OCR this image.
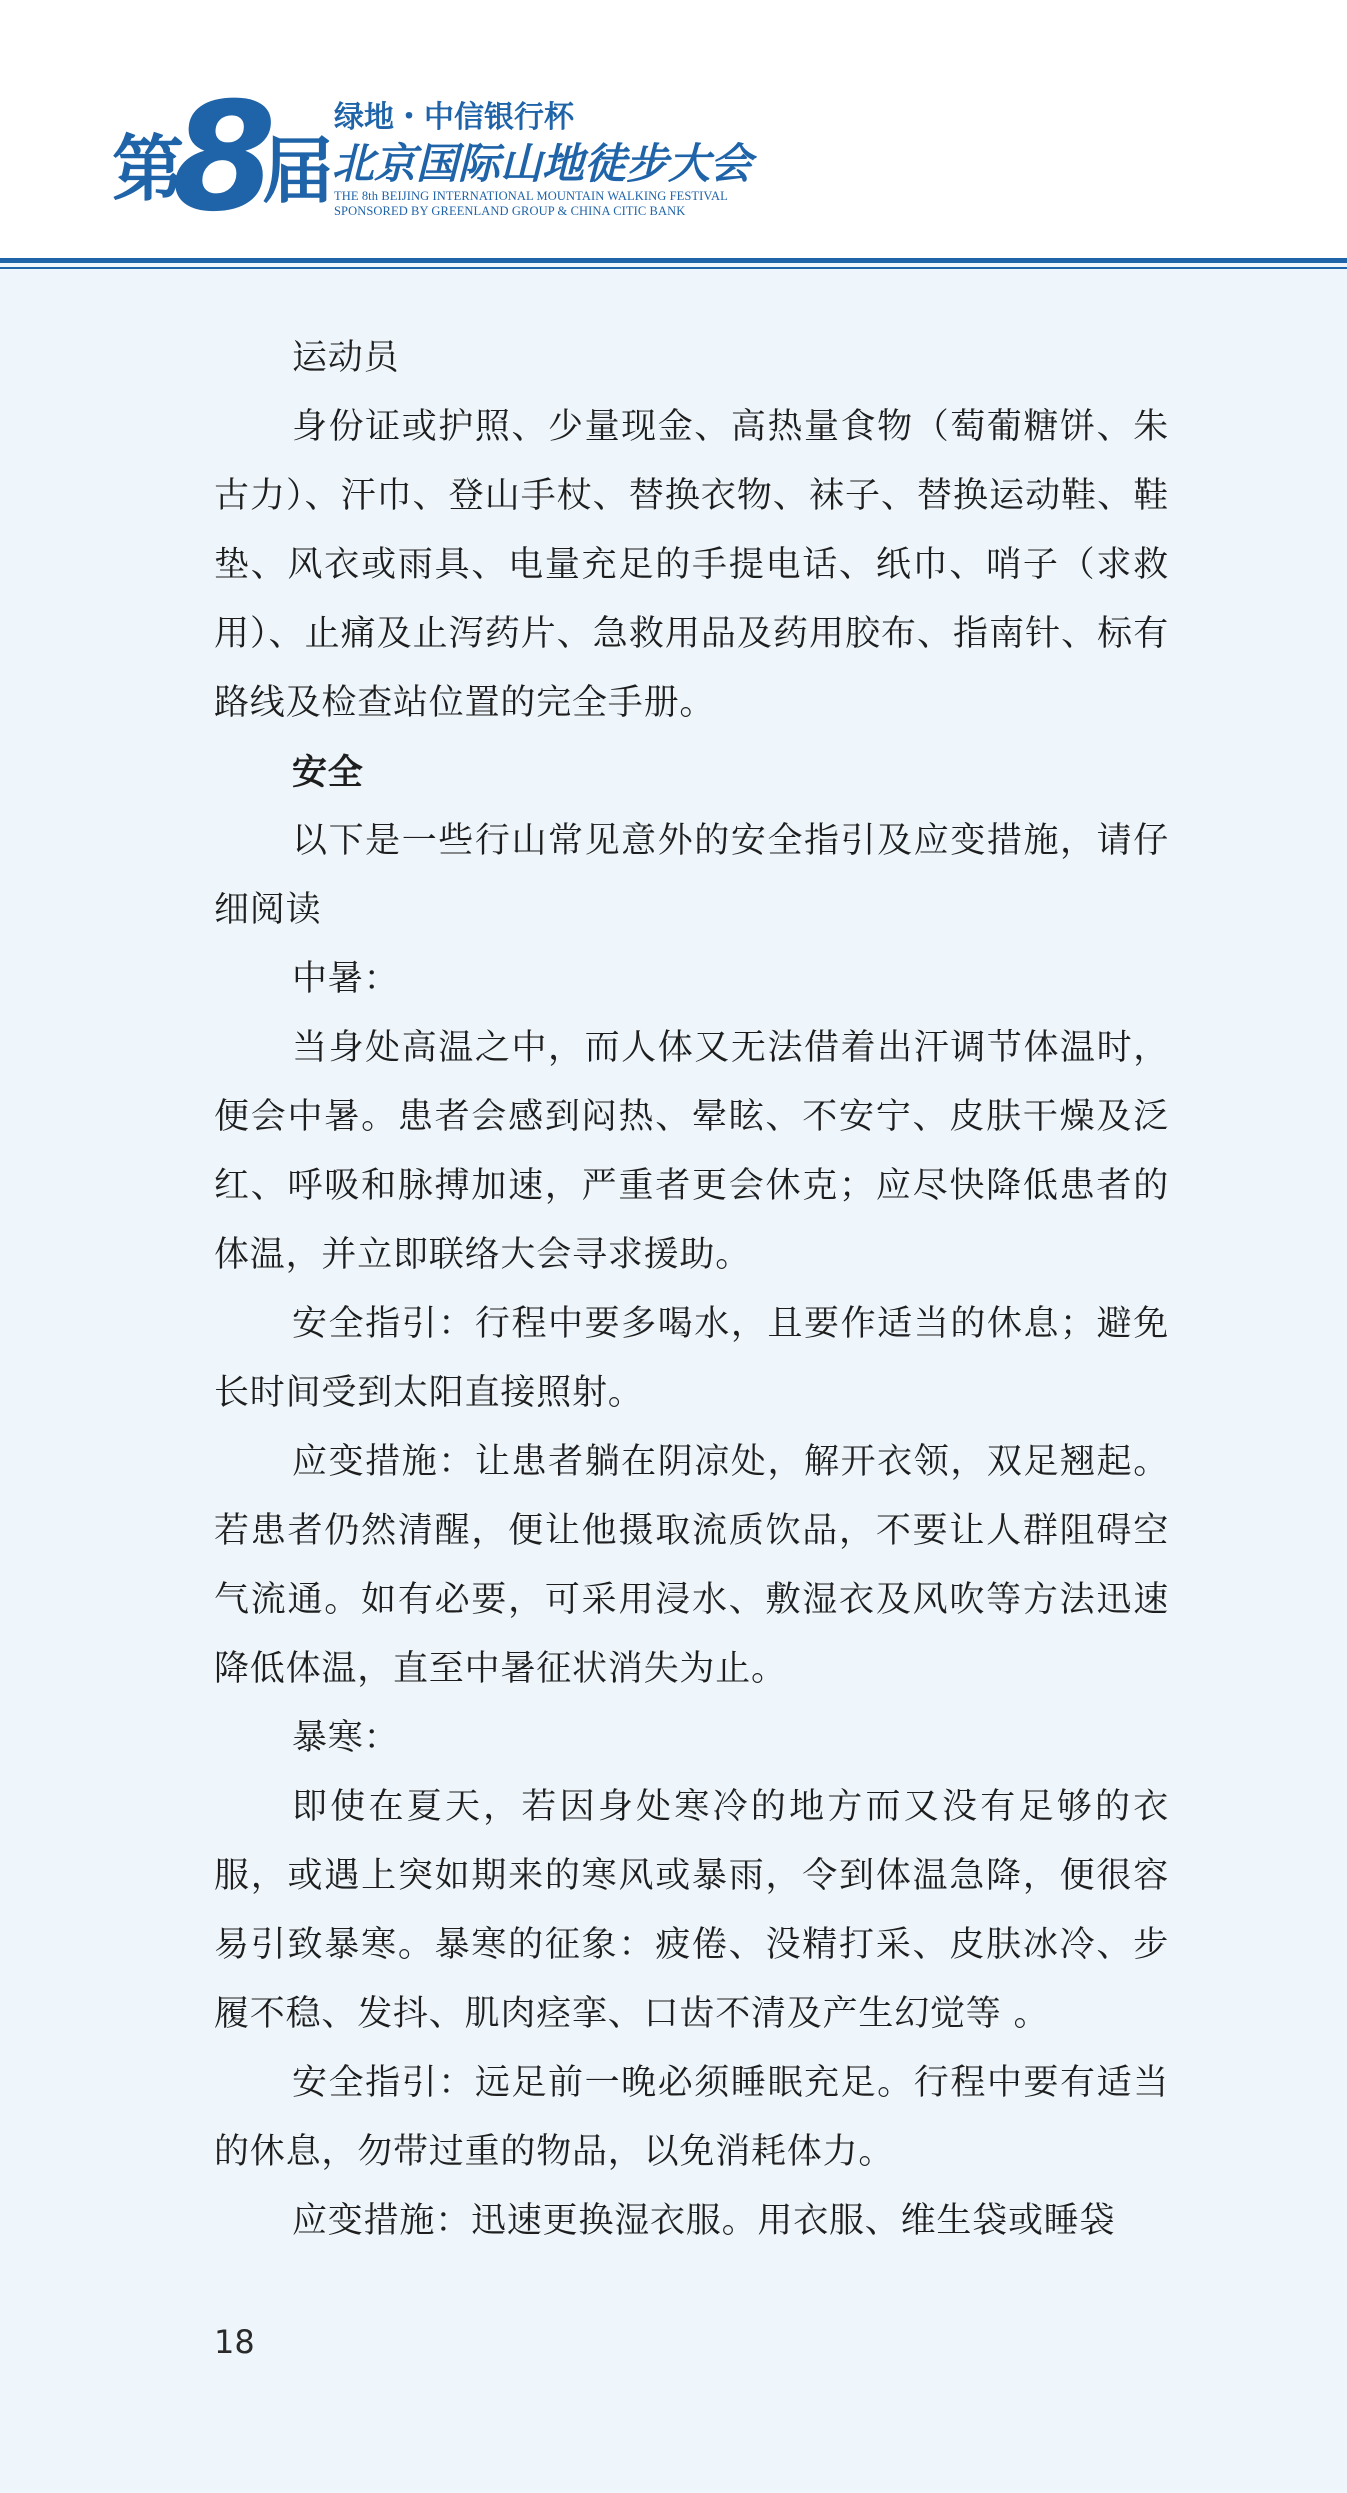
第
8
届
绿地・中信银行杯
北京国际山地徒步大会
THE 8th BEIJING INTERNATIONAL MOUNTAIN WALKING FESTIVAL
SPONSORED BY GREENLAND GROUP & CHINA CITIC BANK

运动员

身份证或护照、少量现金、高热量食物（萄葡糖饼、朱古力）、汗巾、登山手杖、替换衣物、袜子、替换运动鞋、鞋垫、风衣或雨具、电量充足的手提电话、纸巾、哨子（求救用）、止痛及止泻药片、急救用品及药用胶布、指南针、标有路线及检查站位置的完全手册。

安全

以下是一些行山常见意外的安全指引及应变措施，请仔细阅读

中暑：

当身处高温之中，而人体又无法借着出汗调节体温时，便会中暑。患者会感到闷热、晕眩、不安宁、皮肤干燥及泛红、呼吸和脉搏加速，严重者更会休克；应尽快降低患者的体温，并立即联络大会寻求援助。

安全指引：行程中要多喝水，且要作适当的休息；避免长时间受到太阳直接照射。

应变措施：让患者躺在阴凉处，解开衣领，双足翘起。若患者仍然清醒，便让他摄取流质饮品，不要让人群阻碍空气流通。如有必要，可采用浸水、敷湿衣及风吹等方法迅速降低体温，直至中暑征状消失为止。

暴寒：

即使在夏天，若因身处寒冷的地方而又没有足够的衣服，或遇上突如期来的寒风或暴雨，令到体温急降，便很容易引致暴寒。暴寒的征象：疲倦、没精打采、皮肤冰冷、步履不稳、发抖、肌肉痉挛、口齿不清及产生幻觉等 。

安全指引：远足前一晚必须睡眠充足。行程中要有适当的休息，勿带过重的物品，以免消耗体力。

应变措施：迅速更换湿衣服。用衣服、维生袋或睡袋

18
